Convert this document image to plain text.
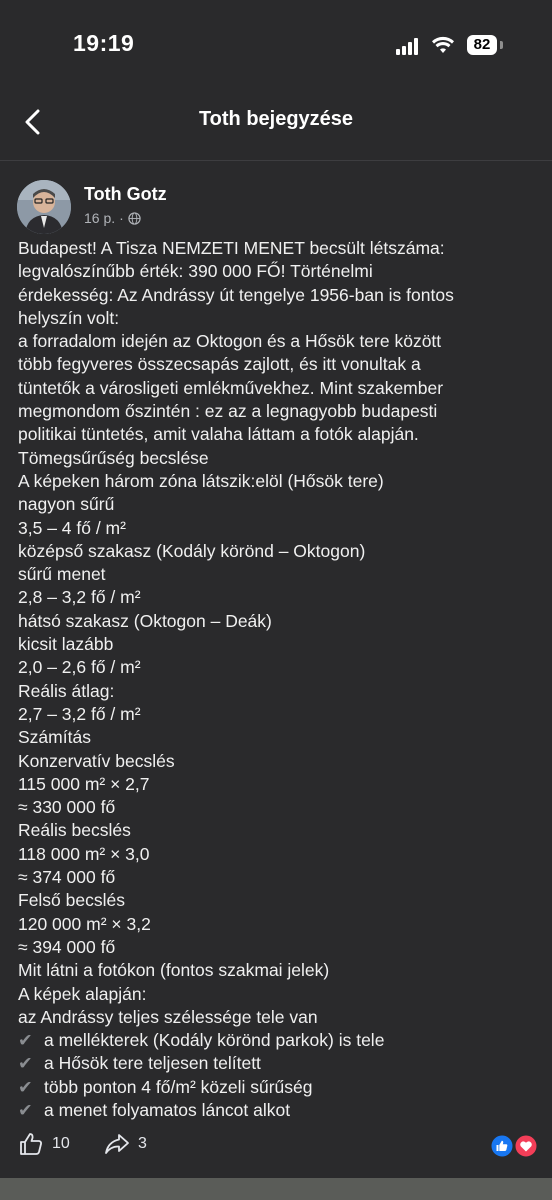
19:19	82
Toth bejegyzése
Toth Gotz
16 p. ·
Budapest! A Tisza NEMZETI MENET becsült létszáma:
legvalószínűbb érték: 390 000 FŐ! Történelmi
érdekesség: Az Andrássy út tengelye 1956-ban is fontos
helyszín volt:
a forradalom idején az Oktogon és a Hősök tere között
több fegyveres összecsapás zajlott, és itt vonultak a
tüntetők a városligeti emlékművekhez. Mint szakember
megmondom őszintén : ez az a legnagyobb budapesti
politikai tüntetés, amit valaha láttam a fotók alapján.
Tömegsűrűség becslése
A képeken három zóna látszik:elöl (Hősök tere)
nagyon sűrű
3,5 – 4 fő / m²
középső szakasz (Kodály körönd – Oktogon)
sűrű menet
2,8 – 3,2 fő / m²
hátsó szakasz (Oktogon – Deák)
kicsit lazább
2,0 – 2,6 fő / m²
Reális átlag:
2,7 – 3,2 fő / m²
Számítás
Konzervatív becslés
115 000 m² × 2,7
≈ 330 000 fő
Reális becslés
118 000 m² × 3,0
≈ 374 000 fő
Felső becslés
120 000 m² × 3,2
≈ 394 000 fő
Mit látni a fotókon (fontos szakmai jelek)
A képek alapján:
az Andrássy teljes szélessége tele van
✔ a mellékterek (Kodály körönd parkok) is tele
✔ a Hősök tere teljesen telített
✔ több ponton 4 fő/m² közeli sűrűség
✔ a menet folyamatos láncot alkot
10	3
